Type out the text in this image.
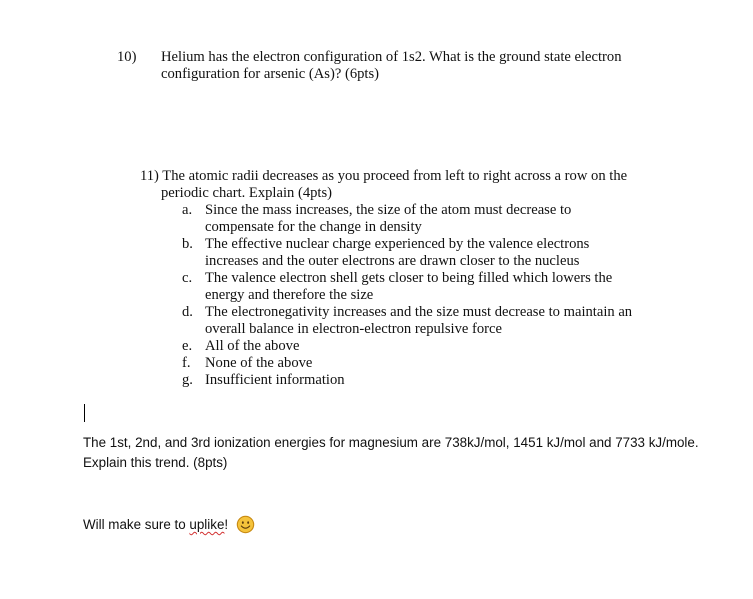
10) Helium has the electron configuration of 1s2. What is the ground state electron
configuration for arsenic (As)? (6pts)
11) The atomic radii decreases as you proceed from left to right across a row on the
periodic chart. Explain (4pts)
a. Since the mass increases, the size of the atom must decrease to
compensate for the change in density
b. The effective nuclear charge experienced by the valence electrons
increases and the outer electrons are drawn closer to the nucleus
c. The valence electron shell gets closer to being filled which lowers the
energy and therefore the size
d. The electronegativity increases and the size must decrease to maintain an
overall balance in electron-electron repulsive force
e. All of the above
f. None of the above
g. Insufficient information
The 1st, 2nd, and 3rd ionization energies for magnesium are 738kJ/mol, 1451 kJ/mol and 7733 kJ/mole.
Explain this trend. (8pts)
Will make sure to uplike!
